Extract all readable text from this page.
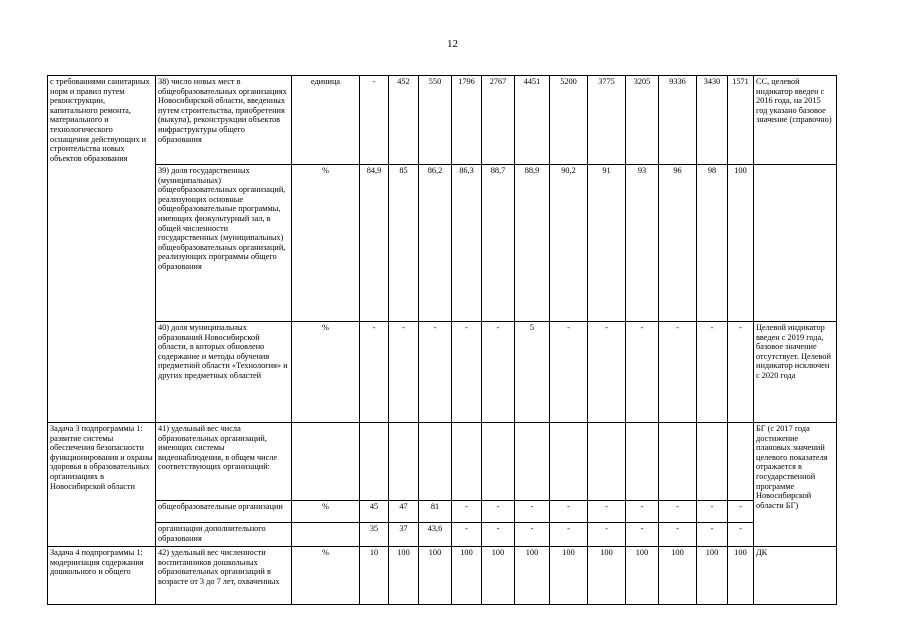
12
с требованиями санитарных норм и правил путем реконструкции, капитального ремонта, материального и технологического оснащения действующих и строительства новых объектов образования	38) число новых мест в общеобразовательных организациях Новосибирской области, введенных путем строительства, приобретения (выкупа), реконструкции объектов инфраструктуры общего образования	единица	-	452	550	1796	2767	4451	5200	3775	3205	9336	3430	1571	СС, целевой индикатор введен с 2016 года, на 2015 год указано базовое значение (справочно)
	39) доля государственных (муниципальных) общеобразовательных организаций, реализующих основные общеобразовательные программы, имеющих физкультурный зал, в общей численности государственных (муниципальных) общеобразовательных организаций, реализующих программы общего образования	%	84,9	85	86,2	86,3	88,7	88,9	90,2	91	93	96	98	100	
	40) доля муниципальных образований Новосибирской области, в которых обновлено содержание и методы обучения предметной области «Технология» и других предметных областей	%	-	-	-	-	-	5	-	-	-	-	-	-	Целевой индикатор введен с 2019 года, базовое значение отсутствует. Целевой индикатор исключен с 2020 года
Задача 3 подпрограммы 1: развитие системы обеспечения безопасности функционирования и охраны здоровья в образовательных организациях в Новосибирской области	41) удельный вес числа образовательных организаций, имеющих системы видеонаблюдения, в общем числе соответствующих организаций:														БГ (с 2017 года достижение плановых значений целевого показателя отражается в государственной программе Новосибирской области БГ)
	общеобразовательные организации	%	45	47	81	-	-	-	-	-	-	-	-	-	
	организации дополнительного образования		35	37	43,6	-	-	-	-	-	-	-	-	-	
Задача 4 подпрограммы 1: модернизация содержания дошкольного и общего	42) удельный вес численности воспитанников дошкольных образовательных организаций в возрасте от 3 до 7 лет, охваченных	%	10	100	100	100	100	100	100	100	100	100	100	100	ДК
